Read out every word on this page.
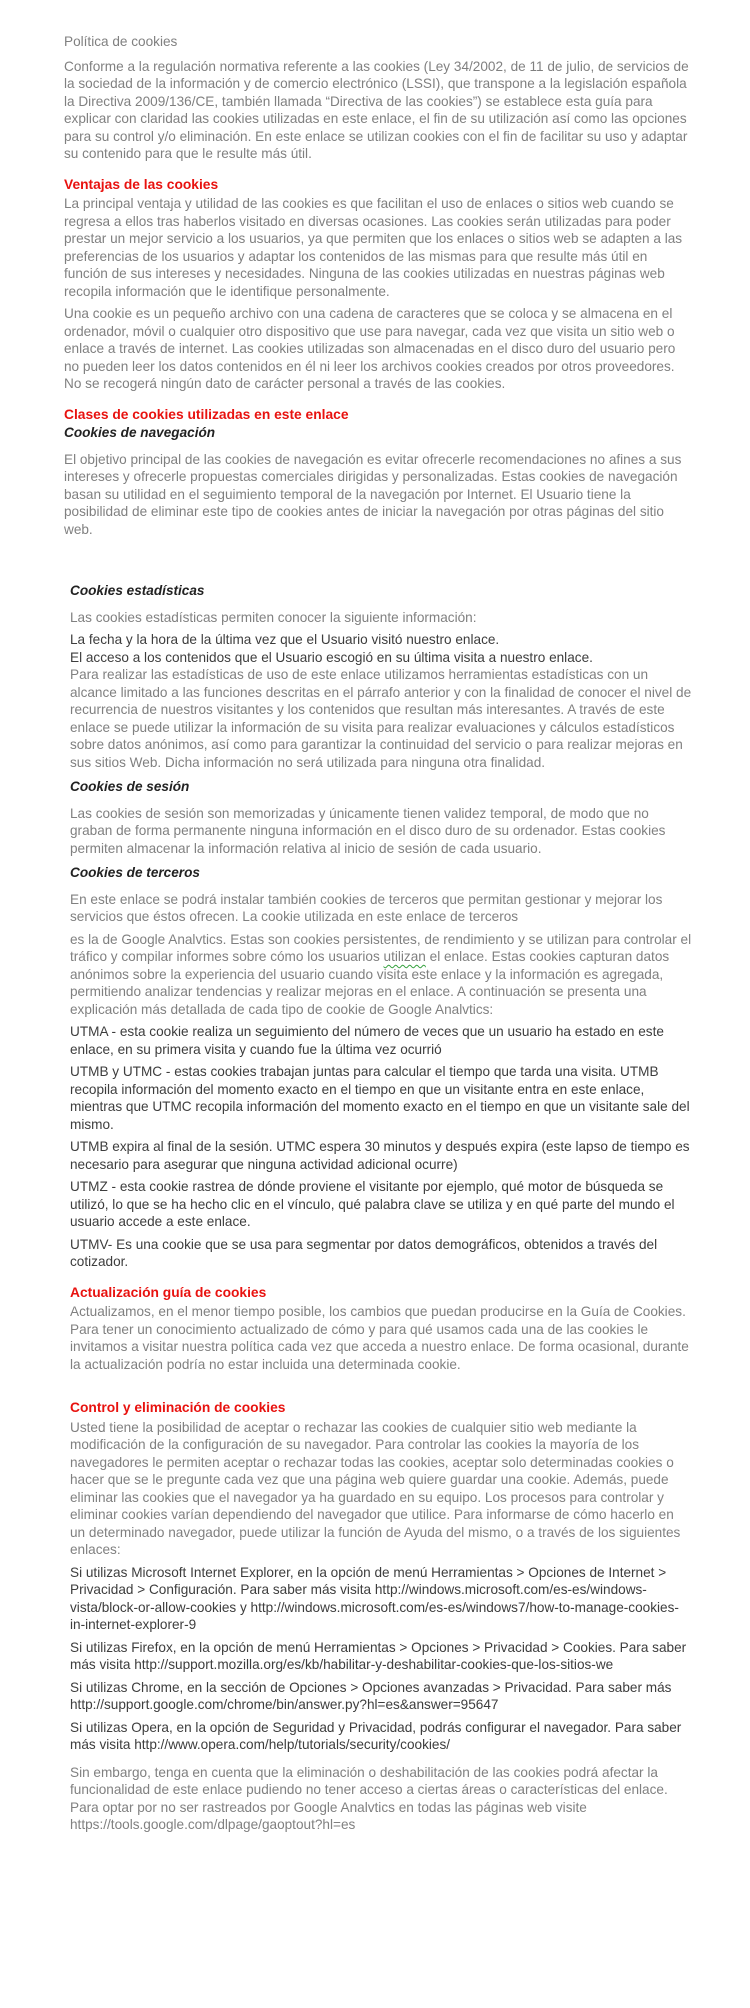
Política de cookies

Conforme a la regulación normativa referente a las cookies (Ley 34/2002, de 11 de julio, de servicios de la sociedad de la información y de comercio electrónico (LSSI), que transpone a la legislación española la Directiva 2009/136/CE, también llamada “Directiva de las cookies”) se establece esta guía para explicar con claridad las cookies utilizadas en este enlace, el fin de su utilización así como las opciones para su control y/o eliminación. En este enlace se utilizan cookies con el fin de facilitar su uso y adaptar su contenido para que le resulte más útil.

Ventajas de las cookies

La principal ventaja y utilidad de las cookies es que facilitan el uso de enlaces o sitios web cuando se regresa a ellos tras haberlos visitado en diversas ocasiones. Las cookies serán utilizadas para poder prestar un mejor servicio a los usuarios, ya que permiten que los enlaces o sitios web se adapten a las preferencias de los usuarios y adaptar los contenidos de las mismas para que resulte más útil en función de sus intereses y necesidades. Ninguna de las cookies utilizadas en nuestras páginas web recopila información que le identifique personalmente.

Una cookie es un pequeño archivo con una cadena de caracteres que se coloca y se almacena en el ordenador, móvil o cualquier otro dispositivo que use para navegar, cada vez que visita un sitio web o enlace a través de internet. Las cookies utilizadas son almacenadas en el disco duro del usuario pero no pueden leer los datos contenidos en él ni leer los archivos cookies creados por otros proveedores. No se recogerá ningún dato de carácter personal a través de las cookies.

Clases de cookies utilizadas en este enlace
Cookies de navegación

El objetivo principal de las cookies de navegación es evitar ofrecerle recomendaciones no afines a sus intereses y ofrecerle propuestas comerciales dirigidas y personalizadas. Estas cookies de navegación basan su utilidad en el seguimiento temporal de la navegación por Internet. El Usuario tiene la posibilidad de eliminar este tipo de cookies antes de iniciar la navegación por otras páginas del sitio web.

Cookies estadísticas

Las cookies estadísticas permiten conocer la siguiente información:

La fecha y la hora de la última vez que el Usuario visitó nuestro enlace.
El acceso a los contenidos que el Usuario escogió en su última visita a nuestro enlace.

Para realizar las estadísticas de uso de este enlace utilizamos herramientas estadísticas con un alcance limitado a las funciones descritas en el párrafo anterior y con la finalidad de conocer el nivel de recurrencia de nuestros visitantes y los contenidos que resultan más interesantes. A través de este enlace se puede utilizar la información de su visita para realizar evaluaciones y cálculos estadísticos sobre datos anónimos, así como para garantizar la continuidad del servicio o para realizar mejoras en sus sitios Web. Dicha información no será utilizada para ninguna otra finalidad.

Cookies de sesión

Las cookies de sesión son memorizadas y únicamente tienen validez temporal, de modo que no graban de forma permanente ninguna información en el disco duro de su ordenador. Estas cookies permiten almacenar la información relativa al inicio de sesión de cada usuario.

Cookies de terceros

En este enlace se podrá instalar también cookies de terceros que permitan gestionar y mejorar los servicios que éstos ofrecen. La cookie utilizada en este enlace de terceros

es la de Google Analvtics. Estas son cookies persistentes, de rendimiento y se utilizan para controlar el tráfico y compilar informes sobre cómo los usuarios utilizan el enlace. Estas cookies capturan datos anónimos sobre la experiencia del usuario cuando visita este enlace y la información es agregada, permitiendo analizar tendencias y realizar mejoras en el enlace. A continuación se presenta una explicación más detallada de cada tipo de cookie de Google Analvtics:

UTMA - esta cookie realiza un seguimiento del número de veces que un usuario ha estado en este enlace, en su primera visita y cuando fue la última vez ocurrió

UTMB y UTMC - estas cookies trabajan juntas para calcular el tiempo que tarda una visita. UTMB recopila información del momento exacto en el tiempo en que un visitante entra en este enlace, mientras que UTMC recopila información del momento exacto en el tiempo en que un visitante sale del mismo.

UTMB expira al final de la sesión. UTMC espera 30 minutos y después expira (este lapso de tiempo es necesario para asegurar que ninguna actividad adicional ocurre)

UTMZ - esta cookie rastrea de dónde proviene el visitante por ejemplo, qué motor de búsqueda se utilizó, lo que se ha hecho clic en el vínculo, qué palabra clave se utiliza y en qué parte del mundo el usuario accede a este enlace.

UTMV- Es una cookie que se usa para segmentar por datos demográficos, obtenidos a través del cotizador.

Actualización guía de cookies

Actualizamos, en el menor tiempo posible, los cambios que puedan producirse en la Guía de Cookies. Para tener un conocimiento actualizado de cómo y para qué usamos cada una de las cookies le invitamos a visitar nuestra política cada vez que acceda a nuestro enlace. De forma ocasional, durante la actualización podría no estar incluida una determinada cookie.

Control y eliminación de cookies

Usted tiene la posibilidad de aceptar o rechazar las cookies de cualquier sitio web mediante la modificación de la configuración de su navegador. Para controlar las cookies la mayoría de los navegadores le permiten aceptar o rechazar todas las cookies, aceptar solo determinadas cookies o hacer que se le pregunte cada vez que una página web quiere guardar una cookie. Además, puede eliminar las cookies que el navegador ya ha guardado en su equipo. Los procesos para controlar y eliminar cookies varían dependiendo del navegador que utilice. Para informarse de cómo hacerlo en un determinado navegador, puede utilizar la función de Ayuda del mismo, o a través de los siguientes enlaces:

Si utilizas Microsoft Internet Explorer, en la opción de menú Herramientas > Opciones de Internet > Privacidad > Configuración. Para saber más visita http://windows.microsoft.com/es-es/windows-vista/block-or-allow-cookies y http://windows.microsoft.com/es-es/windows7/how-to-manage-cookies-in-internet-explorer-9

Si utilizas Firefox, en la opción de menú Herramientas > Opciones > Privacidad > Cookies. Para saber más visita http://support.mozilla.org/es/kb/habilitar-y-deshabilitar-cookies-que-los-sitios-we

Si utilizas Chrome, en la sección de Opciones > Opciones avanzadas > Privacidad. Para saber más http://support.google.com/chrome/bin/answer.py?hl=es&answer=95647

Si utilizas Opera, en la opción de Seguridad y Privacidad, podrás configurar el navegador. Para saber más visita http://www.opera.com/help/tutorials/security/cookies/

Sin embargo, tenga en cuenta que la eliminación o deshabilitación de las cookies podrá afectar la funcionalidad de este enlace pudiendo no tener acceso a ciertas áreas o características del enlace. Para optar por no ser rastreados por Google Analvtics en todas las páginas web visite https://tools.google.com/dlpage/gaoptout?hl=es
